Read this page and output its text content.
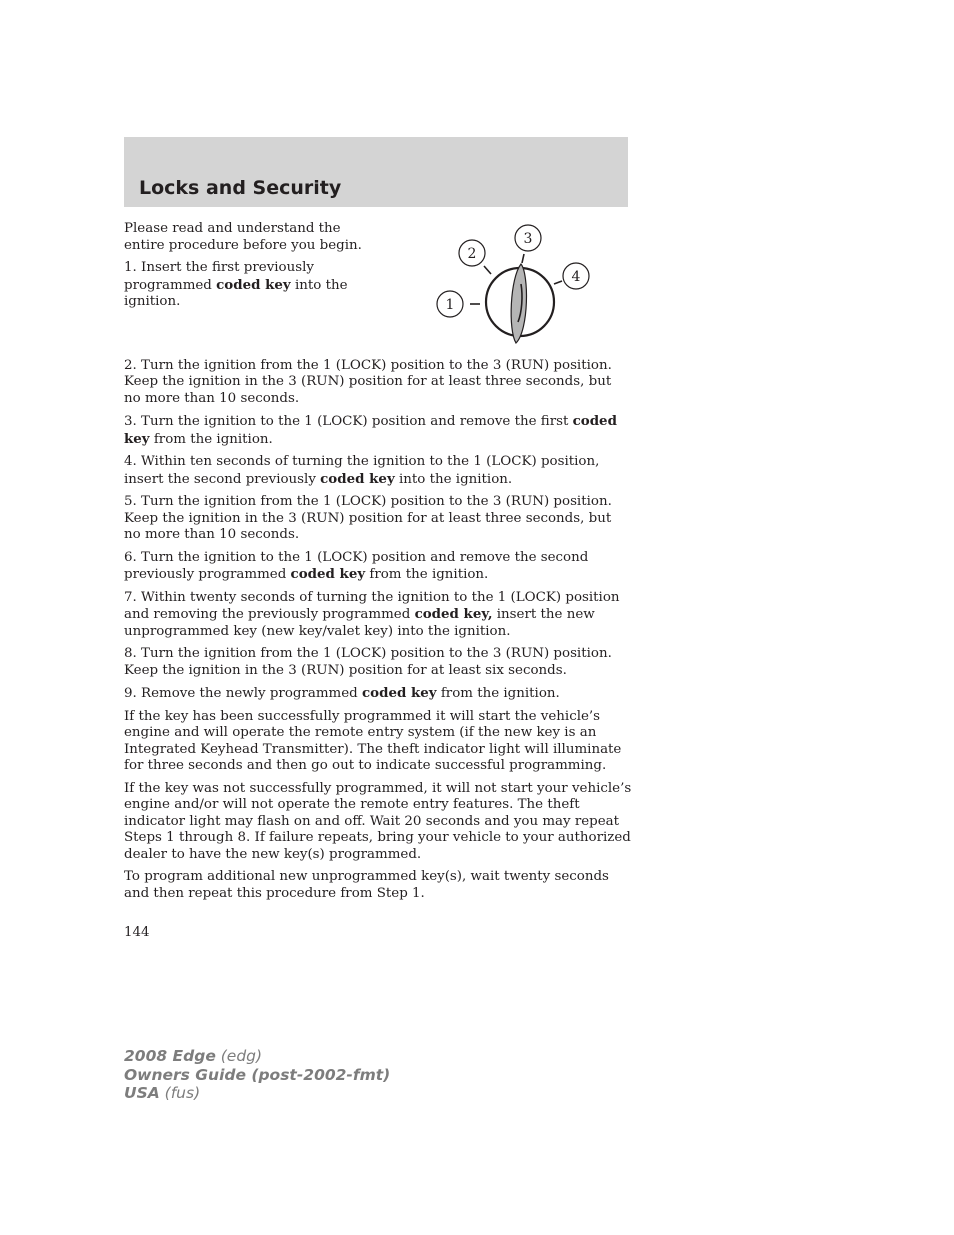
Locks and Security

Please read and understand the entire procedure before you begin.

1. Insert the first previously programmed coded key into the ignition.

2. Turn the ignition from the 1 (LOCK) position to the 3 (RUN) position. Keep the ignition in the 3 (RUN) position for at least three seconds, but no more than 10 seconds.

3. Turn the ignition to the 1 (LOCK) position and remove the first coded key from the ignition.

4. Within ten seconds of turning the ignition to the 1 (LOCK) position, insert the second previously coded key into the ignition.

5. Turn the ignition from the 1 (LOCK) position to the 3 (RUN) position. Keep the ignition in the 3 (RUN) position for at least three seconds, but no more than 10 seconds.

6. Turn the ignition to the 1 (LOCK) position and remove the second previously programmed coded key from the ignition.

7. Within twenty seconds of turning the ignition to the 1 (LOCK) position and removing the previously programmed coded key, insert the new unprogrammed key (new key/valet key) into the ignition.

8. Turn the ignition from the 1 (LOCK) position to the 3 (RUN) position. Keep the ignition in the 3 (RUN) position for at least six seconds.

9. Remove the newly programmed coded key from the ignition.

If the key has been successfully programmed it will start the vehicle’s engine and will operate the remote entry system (if the new key is an Integrated Keyhead Transmitter). The theft indicator light will illuminate for three seconds and then go out to indicate successful programming.

If the key was not successfully programmed, it will not start your vehicle’s engine and/or will not operate the remote entry features. The theft indicator light may flash on and off. Wait 20 seconds and you may repeat Steps 1 through 8. If failure repeats, bring your vehicle to your authorized dealer to have the new key(s) programmed.

To program additional new unprogrammed key(s), wait twenty seconds and then repeat this procedure from Step 1.

1
2
3
4
144
2008 Edge (edg)
Owners Guide (post-2002-fmt)
USA (fus)
